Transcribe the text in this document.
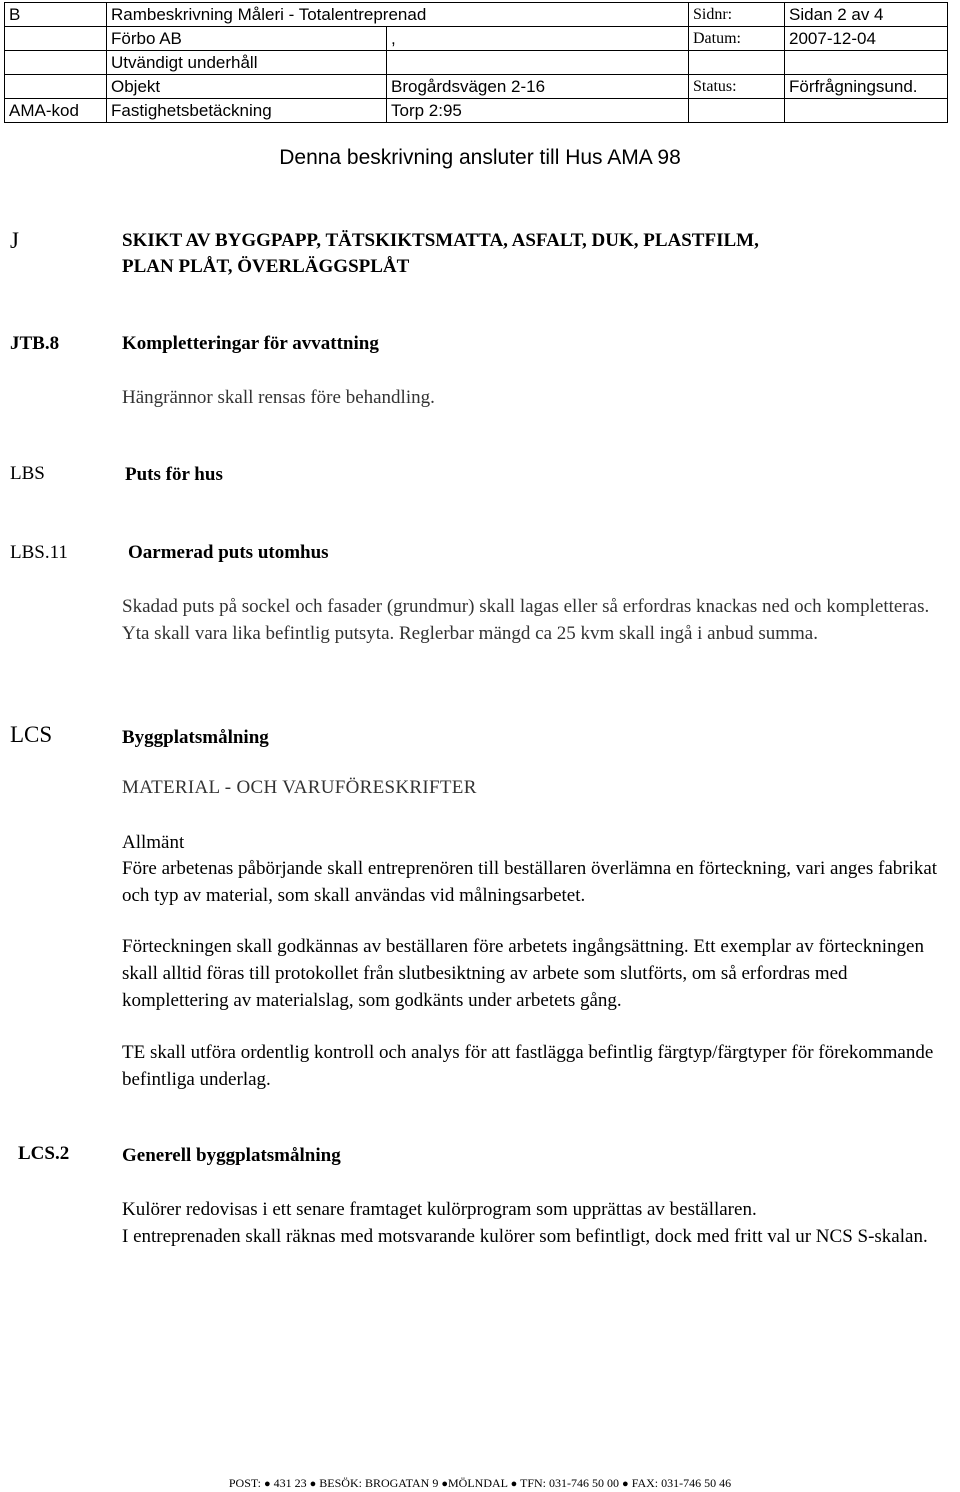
B	Rambeskrivning Måleri - Totalentreprenad		Sidnr:	Sidan 2 av 4
	Förbo AB	,	Datum:	2007-12-04
	Utvändigt underhåll			
	Objekt	Brogårdsvägen 2-16	Status:	Förfrågningsund.
AMA-kod	Fastighetsbetäckning	Torp 2:95		
Denna beskrivning ansluter till Hus AMA 98
J	SKIKT AV BYGGPAPP, TÄTSKIKTSMATTA, ASFALT, DUK, PLASTFILM,
PLAN PLÅT, ÖVERLÄGGSPLÅT
JTB.8	Kompletteringar för avvattning
Hängrännor skall rensas före behandling.
LBS	Puts för hus
LBS.11	Oarmerad puts utomhus
Skadad puts på sockel och fasader (grundmur) skall lagas eller så erfordras knackas ned och kompletteras. Yta skall vara lika befintlig putsyta. Reglerbar mängd ca 25 kvm skall ingå i anbud summa.
LCS	Byggplatsmålning
MATERIAL - OCH VARUFÖRESKRIFTER
Allmänt
Före arbetenas påbörjande skall entreprenören till beställaren överlämna en förteckning, vari anges fabrikat och typ av material, som skall användas vid målningsarbetet.
Förteckningen skall godkännas av beställaren före arbetets ingångsättning. Ett exemplar av förteckningen skall alltid föras till protokollet från slutbesiktning av arbete som slutförts, om så erfordras med komplettering av materialslag, som godkänts under arbetets gång.
TE skall utföra ordentlig kontroll och analys för att fastlägga befintlig färgtyp/färgtyper för förekommande befintliga underlag.
LCS.2	Generell byggplatsmålning
Kulörer redovisas i ett senare framtaget kulörprogram som upprättas av beställaren.
I entreprenaden skall räknas med motsvarande kulörer som befintligt, dock med fritt val ur NCS S-skalan.
POST: ● 431 23 ● BESÖK: BROGATAN 9 ●MÖLNDAL ● TFN: 031-746 50 00 ● FAX: 031-746 50 46
